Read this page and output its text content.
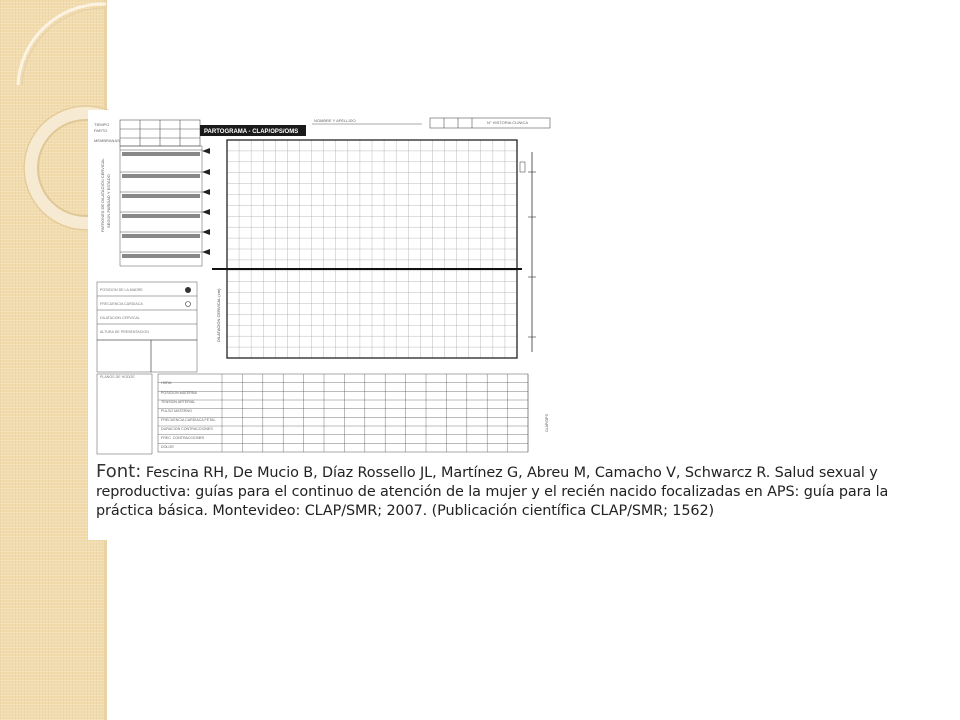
TIEMPO
PARTO
MEMBRANAS
NOMBRE Y APELLIDO	N° HISTORIA CLINICA
PARTOGRAMA - CLAP/OPS/OMS
PATRONES DE DILATACIÓN CERVICAL SEGÚN PARIDAD Y ESTADO
DILATACION CERVICAL (cm)
POSICION DE LA MADRE
FRECUENCIA CARDIACA
DILATACION CERVICAL
ALTURA DE PRESENTACION
PLANOS DE HODGE
HORA
POSICION MATERNA
TENSION ARTERIAL
PULSO MATERNO
FRECUENCIA CARDIACA FETAL
DURACION CONTRACCIONES
FREC. CONTRACCIONES
DOLOR
CLAP/OPS
Font: Fescina RH, De Mucio B, Díaz Rossello JL, Martínez G, Abreu M, Camacho V, Schwarcz R. Salud sexual y
reproductiva: guías para el continuo de atención de la mujer y el recién nacido focalizadas en APS: guía para la
práctica básica. Montevideo: CLAP/SMR; 2007. (Publicación científica CLAP/SMR; 1562)
